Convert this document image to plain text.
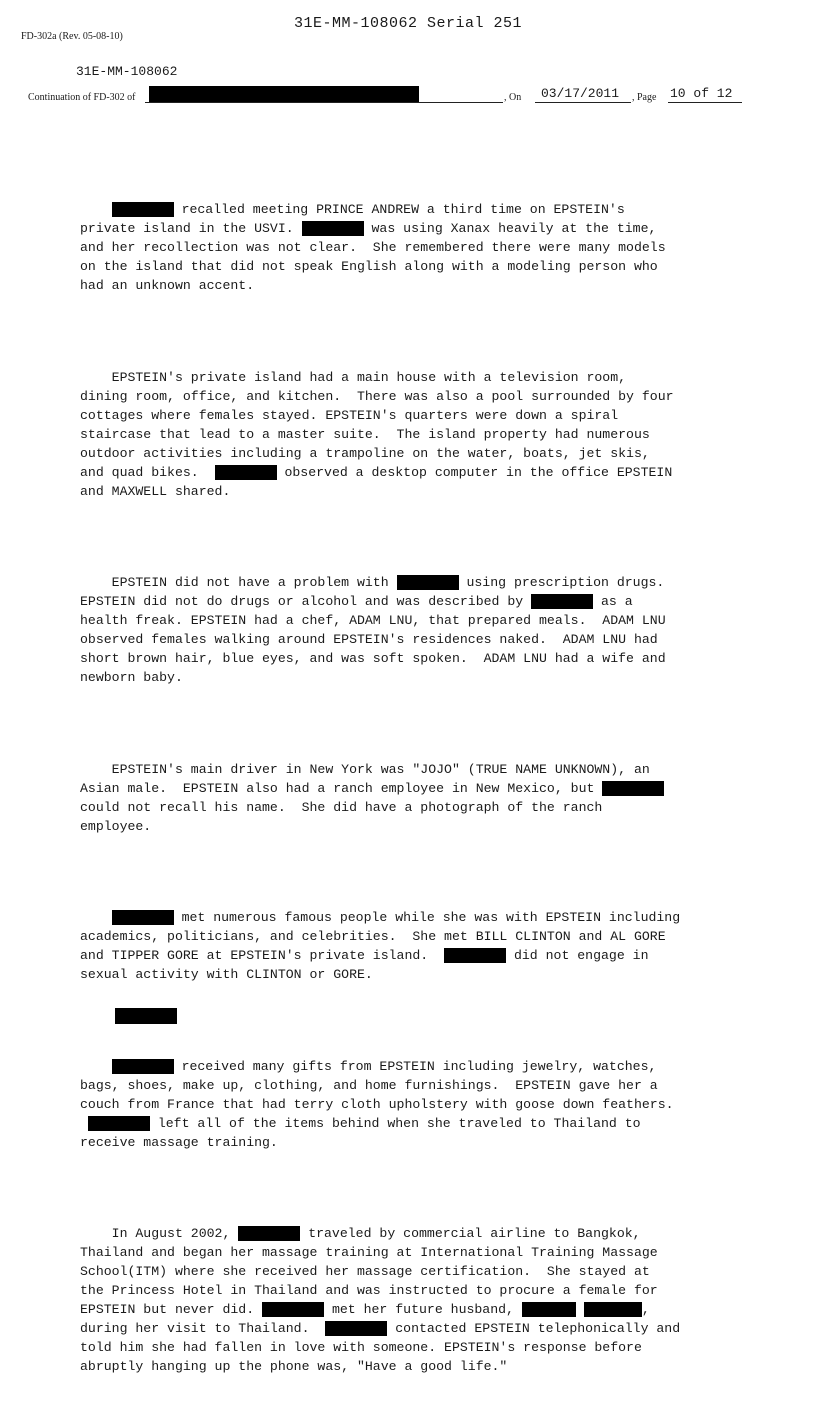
31E-MM-108062 Serial 251
FD-302a (Rev. 05-08-10)
31E-MM-108062
Continuation of FD-302 of	, On 03/17/2011 , Page 10 of 12

recalled meeting PRINCE ANDREW a third time on EPSTEIN's
private island in the USVI.	was using Xanax heavily at the time,
and her recollection was not clear.  She remembered there were many models
on the island that did not speak English along with a modeling person who
had an unknown accent.

EPSTEIN's private island had a main house with a television room,
dining room, office, and kitchen.  There was also a pool surrounded by four
cottages where females stayed. EPSTEIN's quarters were down a spiral
staircase that lead to a master suite.  The island property had numerous
outdoor activities including a trampoline on the water, boats, jet skis,
and quad bikes.	observed a desktop computer in the office EPSTEIN
and MAXWELL shared.

EPSTEIN did not have a problem with	using prescription drugs.
EPSTEIN did not do drugs or alcohol and was described by	as a
health freak. EPSTEIN had a chef, ADAM LNU, that prepared meals.  ADAM LNU
observed females walking around EPSTEIN's residences naked.  ADAM LNU had
short brown hair, blue eyes, and was soft spoken.  ADAM LNU had a wife and
newborn baby.

EPSTEIN's main driver in New York was "JOJO" (TRUE NAME UNKNOWN), an
Asian male.  EPSTEIN also had a ranch employee in New Mexico, but
could not recall his name.  She did have a photograph of the ranch
employee.

met numerous famous people while she was with EPSTEIN including
academics, politicians, and celebrities.  She met BILL CLINTON and AL GORE
and TIPPER GORE at EPSTEIN's private island.	did not engage in
sexual activity with CLINTON or GORE.

received many gifts from EPSTEIN including jewelry, watches,
bags, shoes, make up, clothing, and home furnishings.  EPSTEIN gave her a
couch from France that had terry cloth upholstery with goose down feathers.
left all of the items behind when she traveled to Thailand to
receive massage training.

In August 2002,	traveled by commercial airline to Bangkok,
Thailand and began her massage training at International Training Massage
School(ITM) where she received her massage certification.  She stayed at
the Princess Hotel in Thailand and was instructed to procure a female for
EPSTEIN but never did.	met her future husband,	,
during her visit to Thailand.	contacted EPSTEIN telephonically and
told him she had fallen in love with someone. EPSTEIN's response before
abruptly hanging up the phone was, "Have a good life."
